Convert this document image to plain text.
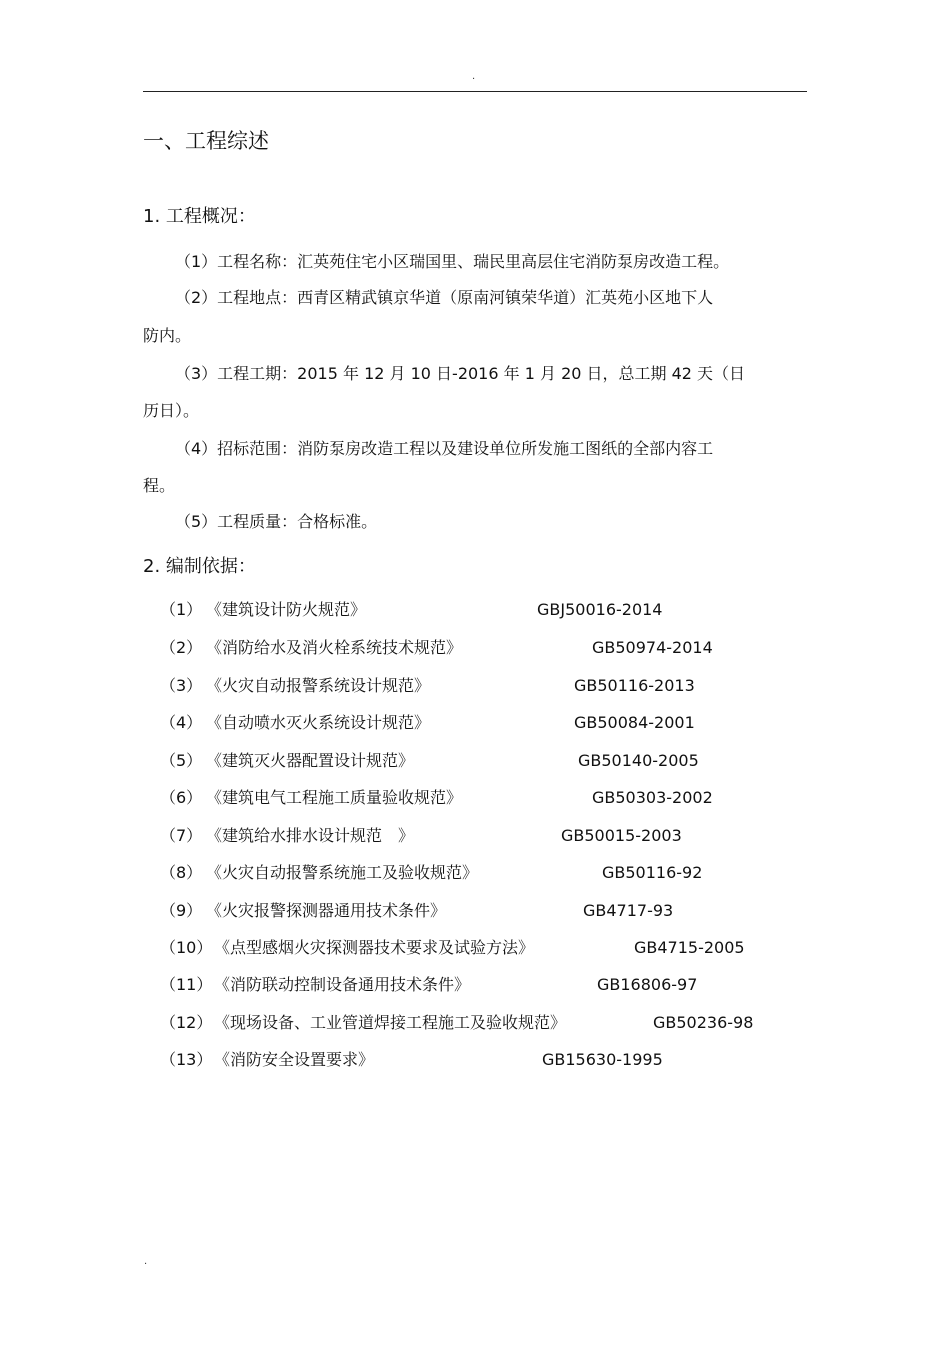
.
一、工程综述
1. 工程概况：
（1）工程名称：汇英苑住宅小区瑞国里、瑞民里高层住宅消防泵房改造工程。
（2）工程地点：西青区精武镇京华道（原南河镇荣华道）汇英苑小区地下人
防内。
（3）工程工期：2015 年 12 月 10 日-2016 年 1 月 20 日，总工期 42 天（日
历日）。
（4）招标范围：消防泵房改造工程以及建设单位所发施工图纸的全部内容工
程。
（5）工程质量：合格标准。
2. 编制依据：
（1） 《建筑设计防火规范》	GBJ50016-2014
（2） 《消防给水及消火栓系统技术规范》	GB50974-2014
（3） 《火灾自动报警系统设计规范》	GB50116-2013
（4） 《自动喷水灭火系统设计规范》	GB50084-2001
（5） 《建筑灭火器配置设计规范》	GB50140-2005
（6） 《建筑电气工程施工质量验收规范》	GB50303-2002
（7） 《建筑给水排水设计规范　》	GB50015-2003
（8） 《火灾自动报警系统施工及验收规范》	GB50116-92
（9） 《火灾报警探测器通用技术条件》	GB4717-93
（10） 《点型感烟火灾探测器技术要求及试验方法》	GB4715-2005
（11） 《消防联动控制设备通用技术条件》	GB16806-97
（12） 《现场设备、工业管道焊接工程施工及验收规范》	GB50236-98
（13） 《消防安全设置要求》	GB15630-1995
.
